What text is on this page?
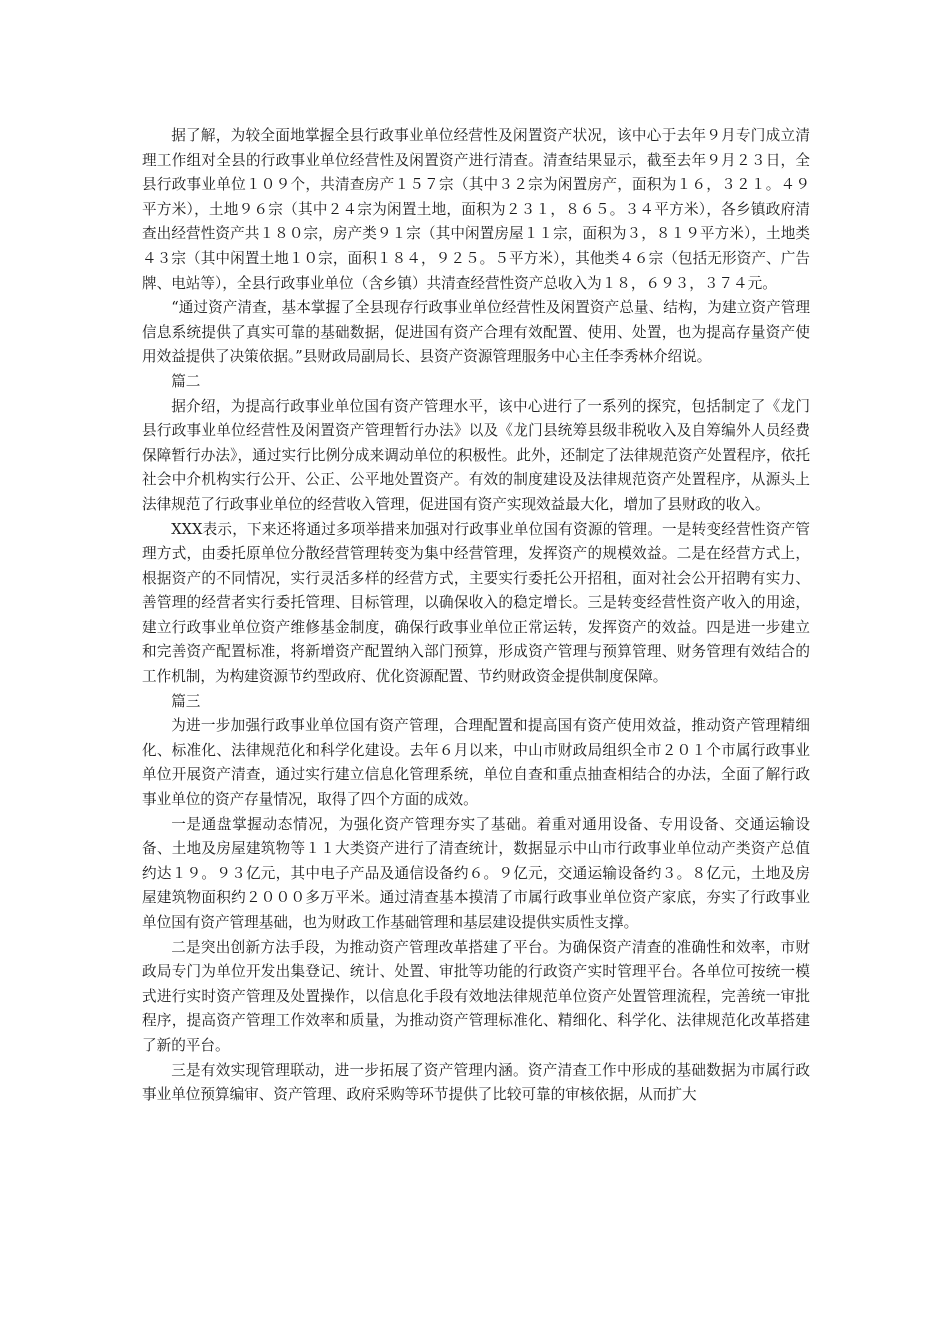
据了解，为较全面地掌握全县行政事业单位经营性及闲置资产状况，该中心于去年９月专门成立清理工作组对全县的行政事业单位经营性及闲置资产进行清查。清查结果显示，截至去年９月２３日，全县行政事业单位１０９个，共清查房产１５７宗（其中３２宗为闲置房产，面积为１６，３２１。４９平方米），土地９６宗（其中２４宗为闲置土地，面积为２３１，８６５。３４平方米），各乡镇政府清查出经营性资产共１８０宗，房产类９１宗（其中闲置房屋１１宗，面积为３，８１９平方米），土地类４３宗（其中闲置土地１０宗，面积１８４，９２５。５平方米），其他类４６宗（包括无形资产、广告牌、电站等），全县行政事业单位（含乡镇）共清查经营性资产总收入为１８，６９３，３７４元。

“通过资产清查，基本掌握了全县现存行政事业单位经营性及闲置资产总量、结构，为建立资产管理信息系统提供了真实可靠的基础数据，促进国有资产合理有效配置、使用、处置，也为提高存量资产使用效益提供了决策依据。”县财政局副局长、县资产资源管理服务中心主任李秀林介绍说。

篇二

据介绍，为提高行政事业单位国有资产管理水平，该中心进行了一系列的探究，包括制定了《龙门县行政事业单位经营性及闲置资产管理暂行办法》以及《龙门县统筹县级非税收入及自筹编外人员经费保障暂行办法》，通过实行比例分成来调动单位的积极性。此外，还制定了法律规范资产处置程序，依托社会中介机构实行公开、公正、公平地处置资产。有效的制度建设及法律规范资产处置程序，从源头上法律规范了行政事业单位的经营收入管理，促进国有资产实现效益最大化，增加了县财政的收入。

XXX表示，下来还将通过多项举措来加强对行政事业单位国有资源的管理。一是转变经营性资产管理方式，由委托原单位分散经营管理转变为集中经营管理，发挥资产的规模效益。二是在经营方式上，根据资产的不同情况，实行灵活多样的经营方式，主要实行委托公开招租，面对社会公开招聘有实力、善管理的经营者实行委托管理、目标管理，以确保收入的稳定增长。三是转变经营性资产收入的用途，建立行政事业单位资产维修基金制度，确保行政事业单位正常运转，发挥资产的效益。四是进一步建立和完善资产配置标准，将新增资产配置纳入部门预算，形成资产管理与预算管理、财务管理有效结合的工作机制，为构建资源节约型政府、优化资源配置、节约财政资金提供制度保障。

篇三

为进一步加强行政事业单位国有资产管理，合理配置和提高国有资产使用效益，推动资产管理精细化、标准化、法律规范化和科学化建设。去年６月以来，中山市财政局组织全市２０１个市属行政事业单位开展资产清查，通过实行建立信息化管理系统，单位自查和重点抽查相结合的办法，全面了解行政事业单位的资产存量情况，取得了四个方面的成效。

一是通盘掌握动态情况，为强化资产管理夯实了基础。着重对通用设备、专用设备、交通运输设备、土地及房屋建筑物等１１大类资产进行了清查统计，数据显示中山市行政事业单位动产类资产总值约达１９。９３亿元，其中电子产品及通信设备约６。９亿元，交通运输设备约３。８亿元，土地及房屋建筑物面积约２０００多万平米。通过清查基本摸清了市属行政事业单位资产家底，夯实了行政事业单位国有资产管理基础，也为财政工作基础管理和基层建设提供实质性支撑。

二是突出创新方法手段，为推动资产管理改革搭建了平台。为确保资产清查的准确性和效率，市财政局专门为单位开发出集登记、统计、处置、审批等功能的行政资产实时管理平台。各单位可按统一模式进行实时资产管理及处置操作，以信息化手段有效地法律规范单位资产处置管理流程，完善统一审批程序，提高资产管理工作效率和质量，为推动资产管理标准化、精细化、科学化、法律规范化改革搭建了新的平台。

三是有效实现管理联动，进一步拓展了资产管理内涵。资产清查工作中形成的基础数据为市属行政事业单位预算编审、资产管理、政府采购等环节提供了比较可靠的审核依据，从而扩大
